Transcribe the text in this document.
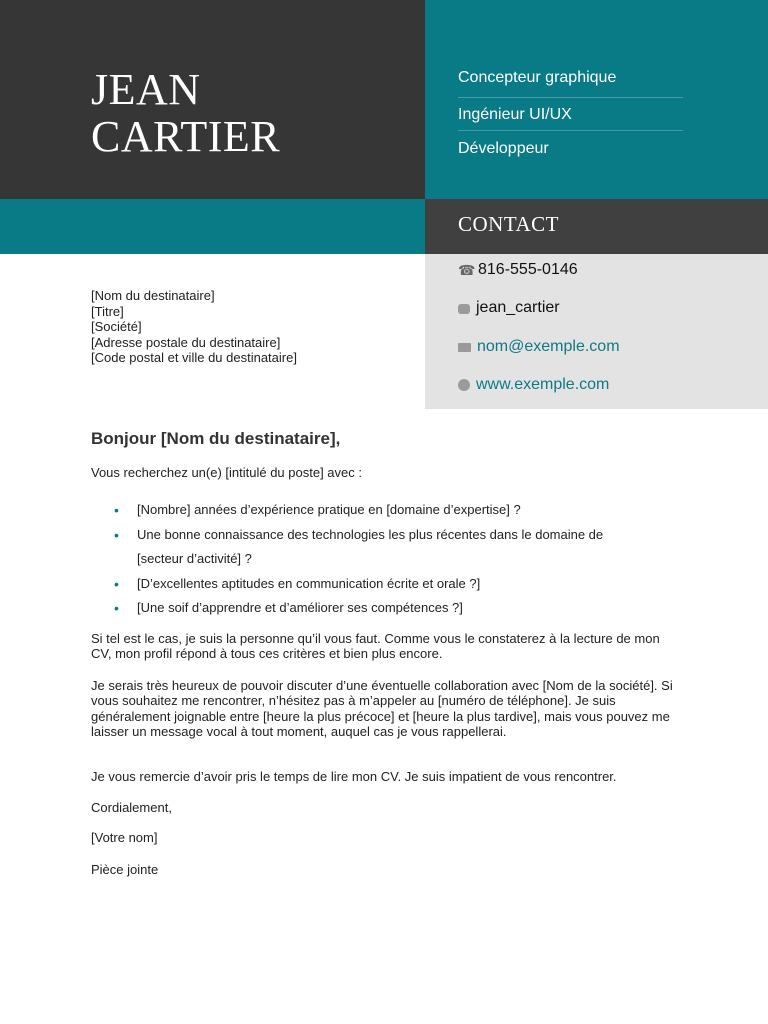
JEAN
CARTIER
Concepteur graphique
Ingénieur UI/UX
Développeur
CONTACT
☎ 816-555-0146
jean_cartier
nom@exemple.com
www.exemple.com
[Nom du destinataire]
[Titre]
[Société]
[Adresse postale du destinataire]
[Code postal et ville du destinataire]
Bonjour [Nom du destinataire],
Vous recherchez un(e) [intitulé du poste] avec :
• [Nombre] années d’expérience pratique en [domaine d’expertise] ?
• Une bonne connaissance des technologies les plus récentes dans le domaine de
[secteur d’activité] ?
• [D’excellentes aptitudes en communication écrite et orale ?]
• [Une soif d’apprendre et d’améliorer ses compétences ?]
Si tel est le cas, je suis la personne qu’il vous faut. Comme vous le constaterez à la lecture de mon CV, mon profil répond à tous ces critères et bien plus encore.
Je serais très heureux de pouvoir discuter d’une éventuelle collaboration avec [Nom de la société]. Si vous souhaitez me rencontrer, n’hésitez pas à m’appeler au [numéro de téléphone]. Je suis généralement joignable entre [heure la plus précoce] et [heure la plus tardive], mais vous pouvez me laisser un message vocal à tout moment, auquel cas je vous rappellerai.
Je vous remercie d’avoir pris le temps de lire mon CV. Je suis impatient de vous rencontrer.
Cordialement,
[Votre nom]
Pièce jointe
